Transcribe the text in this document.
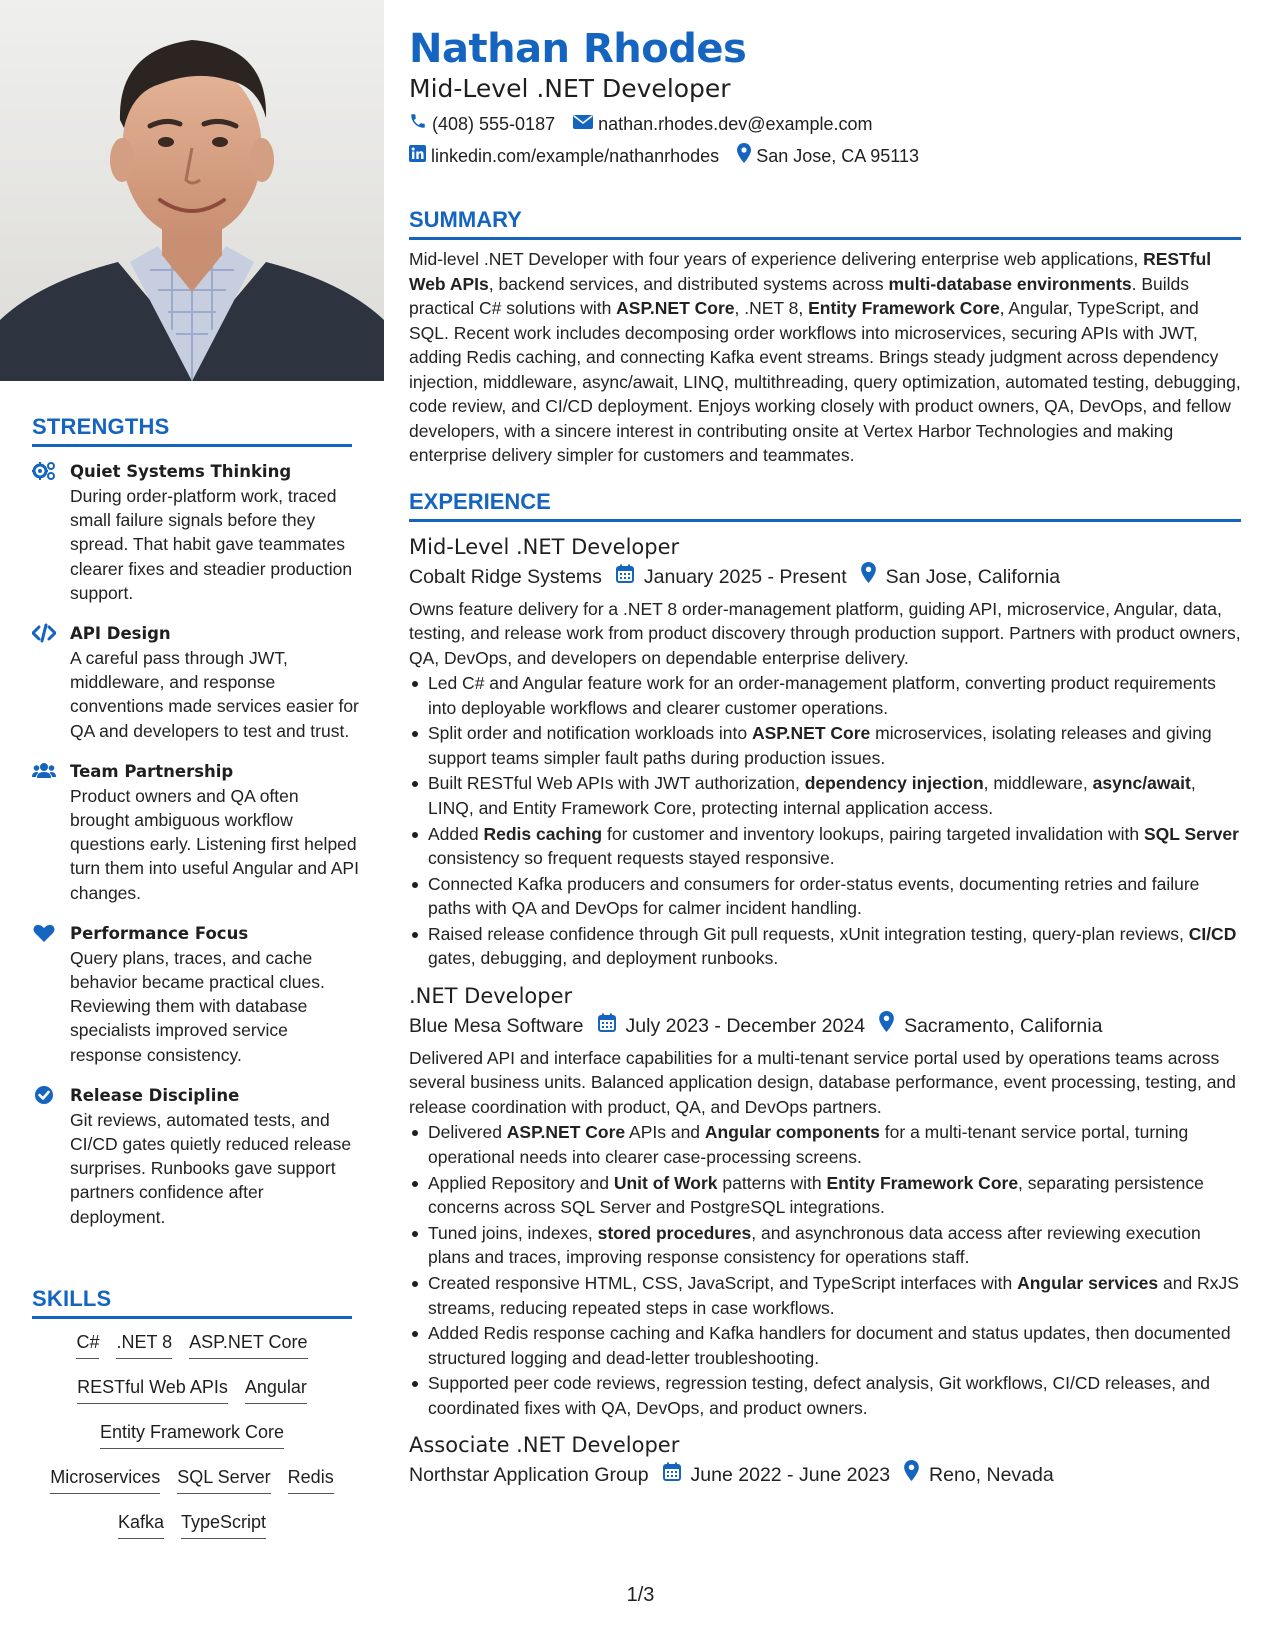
STRENGTHS
Quiet Systems Thinking
During order-platform work, traced small failure signals before they spread. That habit gave teammates clearer fixes and steadier production support.
API Design
A careful pass through JWT, middleware, and response conventions made services easier for QA and developers to test and trust.
Team Partnership
Product owners and QA often brought ambiguous workflow questions early. Listening first helped turn them into useful Angular and API changes.
Performance Focus
Query plans, traces, and cache behavior became practical clues. Reviewing them with database specialists improved service response consistency.
Release Discipline
Git reviews, automated tests, and CI/CD gates quietly reduced release surprises. Runbooks gave support partners confidence after deployment.
SKILLS
C# .NET 8 ASP.NET Core
RESTful Web APIs Angular
Entity Framework Core
Microservices SQL Server Redis
Kafka TypeScript
Nathan Rhodes
Mid-Level .NET Developer
(408) 555-0187 nathan.rhodes.dev@example.com
linkedin.com/example/nathanrhodes San Jose, CA 95113
SUMMARY

Mid-level .NET Developer with four years of experience delivering enterprise web applications, RESTful Web APIs, backend services, and distributed systems across multi-database environments. Builds practical C# solutions with ASP.NET Core, .NET 8, Entity Framework Core, Angular, TypeScript, and SQL. Recent work includes decomposing order workflows into microservices, securing APIs with JWT, adding Redis caching, and connecting Kafka event streams. Brings steady judgment across dependency injection, middleware, async/await, LINQ, multithreading, query optimization, automated testing, debugging, code review, and CI/CD deployment. Enjoys working closely with product owners, QA, DevOps, and fellow developers, with a sincere interest in contributing onsite at Vertex Harbor Technologies and making enterprise delivery simpler for customers and teammates.

EXPERIENCE
Mid-Level .NET Developer
Cobalt Ridge Systems January 2025 - Present San Jose, California

Owns feature delivery for a .NET 8 order-management platform, guiding API, microservice, Angular, data, testing, and release work from product discovery through production support. Partners with product owners, QA, DevOps, and developers on dependable enterprise delivery.

Led C# and Angular feature work for an order-management platform, converting product requirements into deployable workflows and clearer customer operations.
Split order and notification workloads into ASP.NET Core microservices, isolating releases and giving support teams simpler fault paths during production issues.
Built RESTful Web APIs with JWT authorization, dependency injection, middleware, async/await, LINQ, and Entity Framework Core, protecting internal application access.
Added Redis caching for customer and inventory lookups, pairing targeted invalidation with SQL Server consistency so frequent requests stayed responsive.
Connected Kafka producers and consumers for order-status events, documenting retries and failure paths with QA and DevOps for calmer incident handling.
Raised release confidence through Git pull requests, xUnit integration testing, query-plan reviews, CI/CD gates, debugging, and deployment runbooks.
.NET Developer
Blue Mesa Software July 2023 - December 2024 Sacramento, California

Delivered API and interface capabilities for a multi-tenant service portal used by operations teams across several business units. Balanced application design, database performance, event processing, testing, and release coordination with product, QA, and DevOps partners.

Delivered ASP.NET Core APIs and Angular components for a multi-tenant service portal, turning operational needs into clearer case-processing screens.
Applied Repository and Unit of Work patterns with Entity Framework Core, separating persistence concerns across SQL Server and PostgreSQL integrations.
Tuned joins, indexes, stored procedures, and asynchronous data access after reviewing execution plans and traces, improving response consistency for operations staff.
Created responsive HTML, CSS, JavaScript, and TypeScript interfaces with Angular services and RxJS streams, reducing repeated steps in case workflows.
Added Redis response caching and Kafka handlers for document and status updates, then documented structured logging and dead-letter troubleshooting.
Supported peer code reviews, regression testing, defect analysis, Git workflows, CI/CD releases, and coordinated fixes with QA, DevOps, and product owners.
Associate .NET Developer
Northstar Application Group June 2022 - June 2023 Reno, Nevada
1/3
